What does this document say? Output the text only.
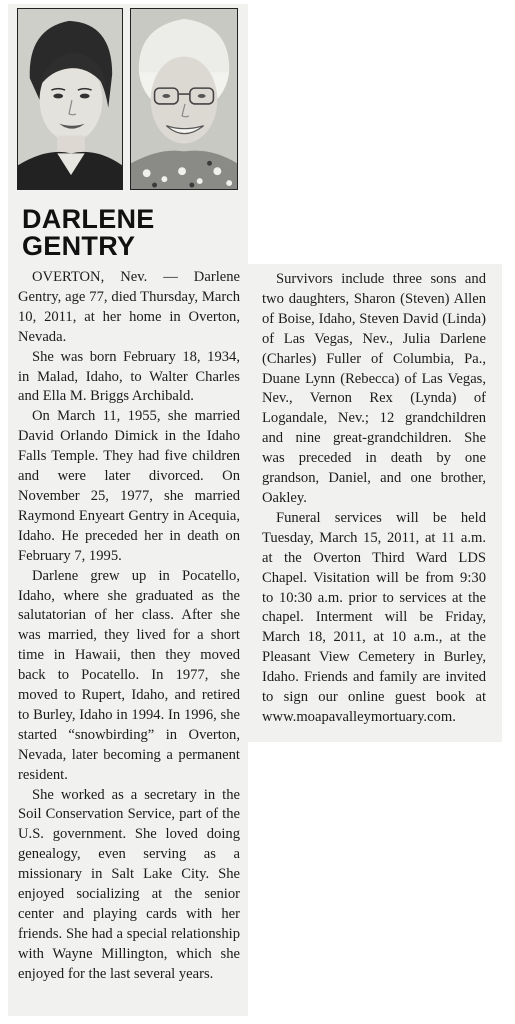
DARLENE
GENTRY

OVERTON, Nev. — Darlene Gentry, age 77, died Thursday, March 10, 2011, at her home in Overton, Nevada.

She was born February 18, 1934, in Malad, Idaho, to Walter Charles and Ella M. Briggs Archibald.

On March 11, 1955, she married David Orlando Dimick in the Idaho Falls Temple. They had five children and were later divorced. On November 25, 1977, she married Raymond Enyeart Gentry in Acequia, Idaho. He preceded her in death on February 7, 1995.

Darlene grew up in Pocatello, Idaho, where she graduated as the salutatorian of her class. After she was married, they lived for a short time in Hawaii, then they moved back to Pocatello. In 1977, she moved to Rupert, Idaho, and retired to Burley, Idaho in 1994. In 1996, she started “snowbirding” in Overton, Nevada, later becoming a permanent resident.

She worked as a secretary in the Soil Conservation Service, part of the U.S. government. She loved doing genealogy, even serving as a missionary in Salt Lake City. She enjoyed socializing at the senior center and playing cards with her friends. She had a special relationship with Wayne Millington, which she enjoyed for the last several years.

Survivors include three sons and two daughters, Sharon (Steven) Allen of Boise, Idaho, Steven David (Linda) of Las Vegas, Nev., Julia Darlene (Charles) Fuller of Columbia, Pa., Duane Lynn (Rebecca) of Las Vegas, Nev., Vernon Rex (Lynda) of Logandale, Nev.; 12 grandchildren and nine great-grandchildren. She was preceded in death by one grandson, Daniel, and one brother, Oakley.

Funeral services will be held Tuesday, March 15, 2011, at 11 a.m. at the Overton Third Ward LDS Chapel. Visitation will be from 9:30 to 10:30 a.m. prior to services at the chapel. Interment will be Friday, March 18, 2011, at 10 a.m., at the Pleasant View Cemetery in Burley, Idaho. Friends and family are invited to sign our online guest book at www.moapavalleymortuary.com.
